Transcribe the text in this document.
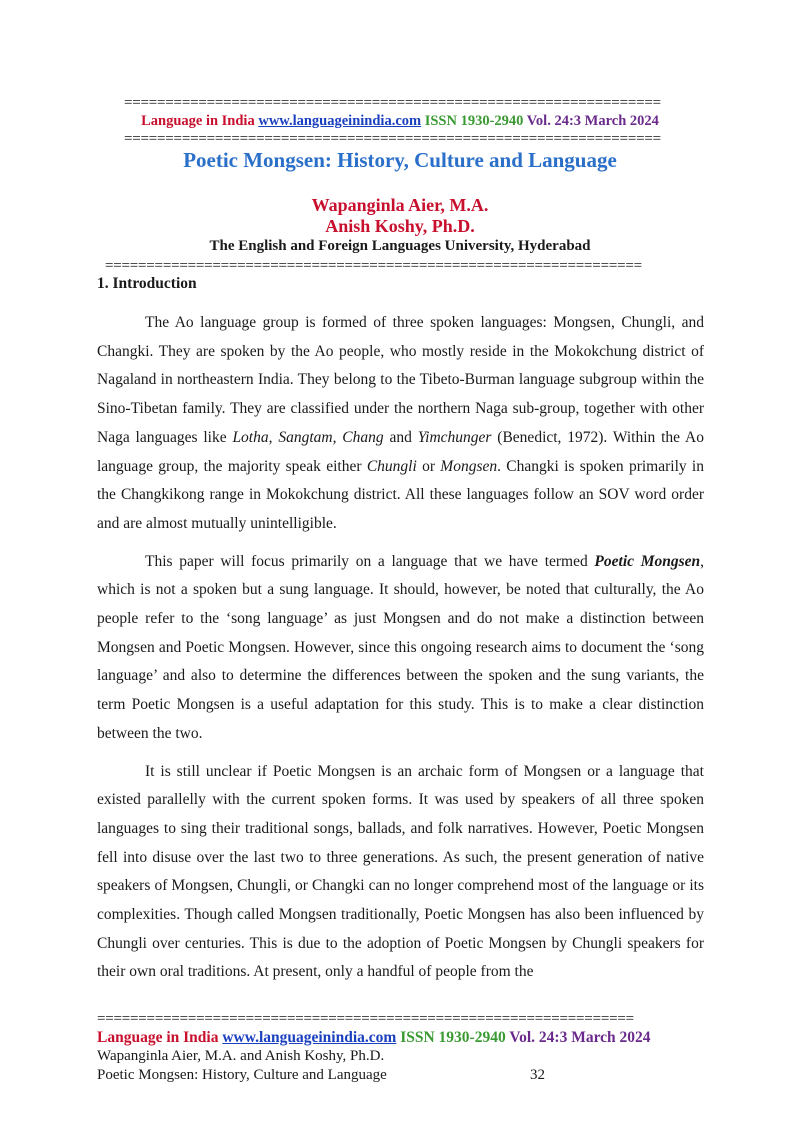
=================================================================
Language in India www.languageinindia.com ISSN 1930-2940 Vol. 24:3 March 2024
=================================================================
Poetic Mongsen: History, Culture and Language
Wapanginla Aier, M.A.
Anish Koshy, Ph.D.
The English and Foreign Languages University, Hyderabad
=================================================================
1. Introduction

The Ao language group is formed of three spoken languages: Mongsen, Chungli, and Changki. They are spoken by the Ao people, who mostly reside in the Mokokchung district of Nagaland in northeastern India. They belong to the Tibeto-Burman language subgroup within the Sino-Tibetan family. They are classified under the northern Naga sub-group, together with other Naga languages like Lotha, Sangtam, Chang and Yimchunger (Benedict, 1972). Within the Ao language group, the majority speak either Chungli or Mongsen. Changki is spoken primarily in the Changkikong range in Mokokchung district. All these languages follow an SOV word order and are almost mutually unintelligible.

This paper will focus primarily on a language that we have termed Poetic Mongsen, which is not a spoken but a sung language. It should, however, be noted that culturally, the Ao people refer to the ‘song language’ as just Mongsen and do not make a distinction between Mongsen and Poetic Mongsen. However, since this ongoing research aims to document the ‘song language’ and also to determine the differences between the spoken and the sung variants, the term Poetic Mongsen is a useful adaptation for this study. This is to make a clear distinction between the two.

It is still unclear if Poetic Mongsen is an archaic form of Mongsen or a language that existed parallelly with the current spoken forms. It was used by speakers of all three spoken languages to sing their traditional songs, ballads, and folk narratives. However, Poetic Mongsen fell into disuse over the last two to three generations. As such, the present generation of native speakers of Mongsen, Chungli, or Changki can no longer comprehend most of the language or its complexities. Though called Mongsen traditionally, Poetic Mongsen has also been influenced by Chungli over centuries. This is due to the adoption of Poetic Mongsen by Chungli speakers for their own oral traditions. At present, only a handful of people from the

=================================================================
Language in India www.languageinindia.com ISSN 1930-2940 Vol. 24:3 March 2024
Wapanginla Aier, M.A. and Anish Koshy, Ph.D.
Poetic Mongsen: History, Culture and Language	32
